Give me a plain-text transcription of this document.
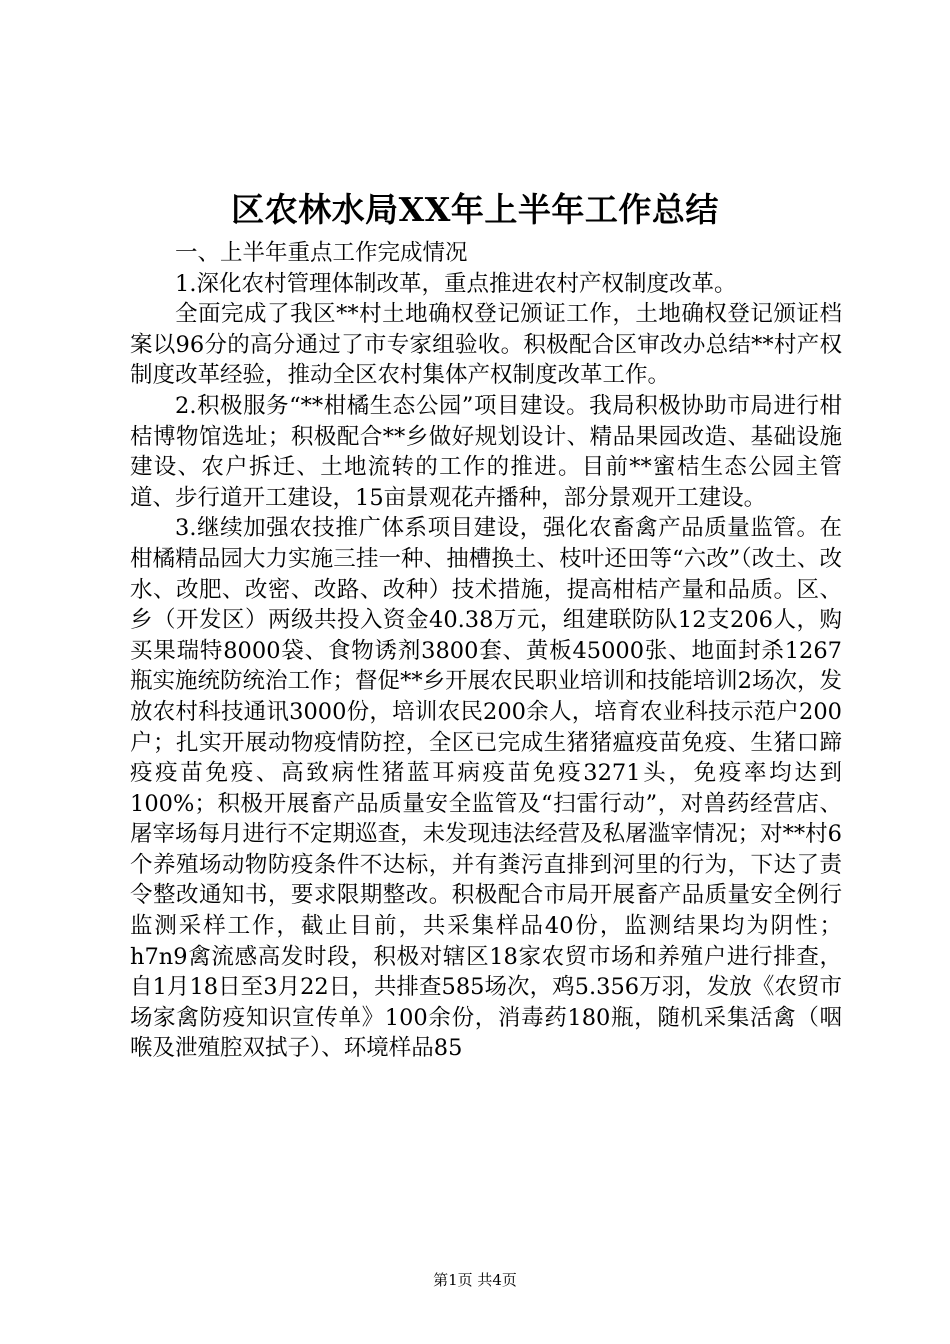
区农林水局XX年上半年工作总结

一、上半年重点工作完成情况

1.深化农村管理体制改革，重点推进农村产权制度改革。

全面完成了我区**村土地确权登记颁证工作，土地确权登记颁证档案以96分的高分通过了市专家组验收。积极配合区审改办总结**村产权制度改革经验，推动全区农村集体产权制度改革工作。

2.积极服务“**柑橘生态公园”项目建设。我局积极协助市局进行柑桔博物馆选址；积极配合**乡做好规划设计、精品果园改造、基础设施建设、农户拆迁、土地流转的工作的推进。目前**蜜桔生态公园主管道、步行道开工建设，15亩景观花卉播种，部分景观开工建设。

3.继续加强农技推广体系项目建设，强化农畜禽产品质量监管。在柑橘精品园大力实施三挂一种、抽槽换土、枝叶还田等“六改”（改土、改水、改肥、改密、改路、改种）技术措施，提高柑桔产量和品质。区、乡（开发区）两级共投入资金40.38万元，组建联防队12支206人，购买果瑞特8000袋、食物诱剂3800套、黄板45000张、地面封杀1267瓶实施统防统治工作；督促**乡开展农民职业培训和技能培训2场次，发放农村科技通讯3000份，培训农民200余人，培育农业科技示范户200户；扎实开展动物疫情防控，全区已完成生猪猪瘟疫苗免疫、生猪口蹄疫疫苗免疫、高致病性猪蓝耳病疫苗免疫3271头，免疫率均达到100%；积极开展畜产品质量安全监管及“扫雷行动”，对兽药经营店、屠宰场每月进行不定期巡查，未发现违法经营及私屠滥宰情况；对**村6个养殖场动物防疫条件不达标，并有粪污直排到河里的行为，下达了责令整改通知书，要求限期整改。积极配合市局开展畜产品质量安全例行监测采样工作，截止目前，共采集样品40份，监测结果均为阴性；h7n9禽流感高发时段，积极对辖区18家农贸市场和养殖户进行排查，自1月18日至3月22日，共排查585场次，鸡5.356万羽，发放《农贸市场家禽防疫知识宣传单》100余份，消毒药180瓶，随机采集活禽（咽喉及泄殖腔双拭子）、环境样品85

第1页 共4页
